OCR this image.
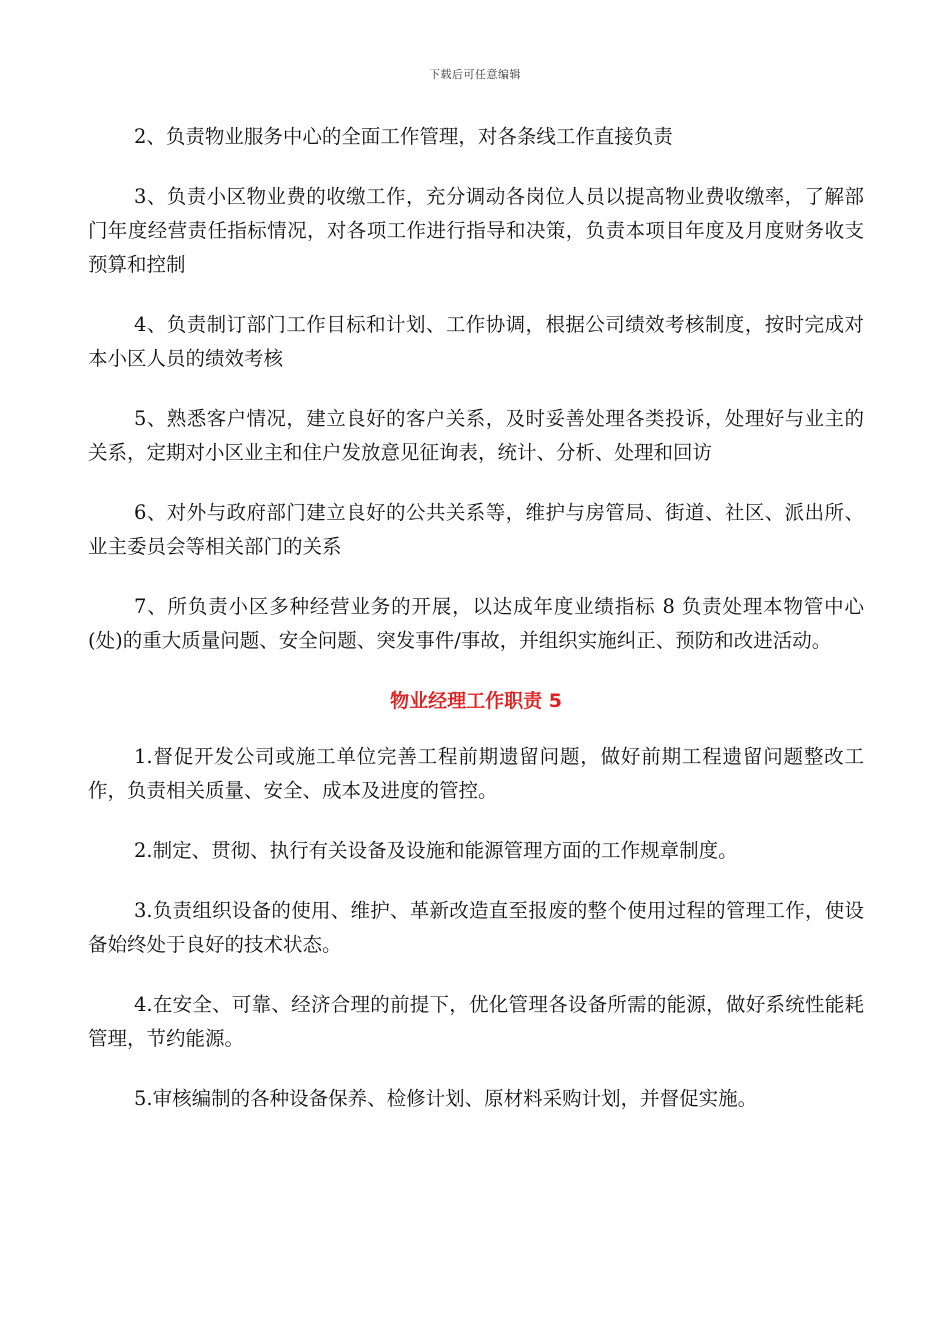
下载后可任意编辑

2、负责物业服务中心的全面工作管理，对各条线工作直接负责

3、负责小区物业费的收缴工作，充分调动各岗位人员以提高物业费收缴率，了解部门年度经营责任指标情况，对各项工作进行指导和决策，负责本项目年度及月度财务收支预算和控制

4、负责制订部门工作目标和计划、工作协调，根据公司绩效考核制度，按时完成对本小区人员的绩效考核

5、熟悉客户情况，建立良好的客户关系，及时妥善处理各类投诉，处理好与业主的关系，定期对小区业主和住户发放意见征询表，统计、分析、处理和回访

6、对外与政府部门建立良好的公共关系等，维护与房管局、街道、社区、派出所、业主委员会等相关部门的关系

7、所负责小区多种经营业务的开展，以达成年度业绩指标 8 负责处理本物管中心(处)的重大质量问题、安全问题、突发事件/事故，并组织实施纠正、预防和改进活动。

物业经理工作职责 5

1.督促开发公司或施工单位完善工程前期遗留问题，做好前期工程遗留问题整改工作，负责相关质量、安全、成本及进度的管控。

2.制定、贯彻、执行有关设备及设施和能源管理方面的工作规章制度。

3.负责组织设备的使用、维护、革新改造直至报废的整个使用过程的管理工作，使设备始终处于良好的技术状态。

4.在安全、可靠、经济合理的前提下，优化管理各设备所需的能源，做好系统性能耗管理，节约能源。

5.审核编制的各种设备保养、检修计划、原材料采购计划，并督促实施。
